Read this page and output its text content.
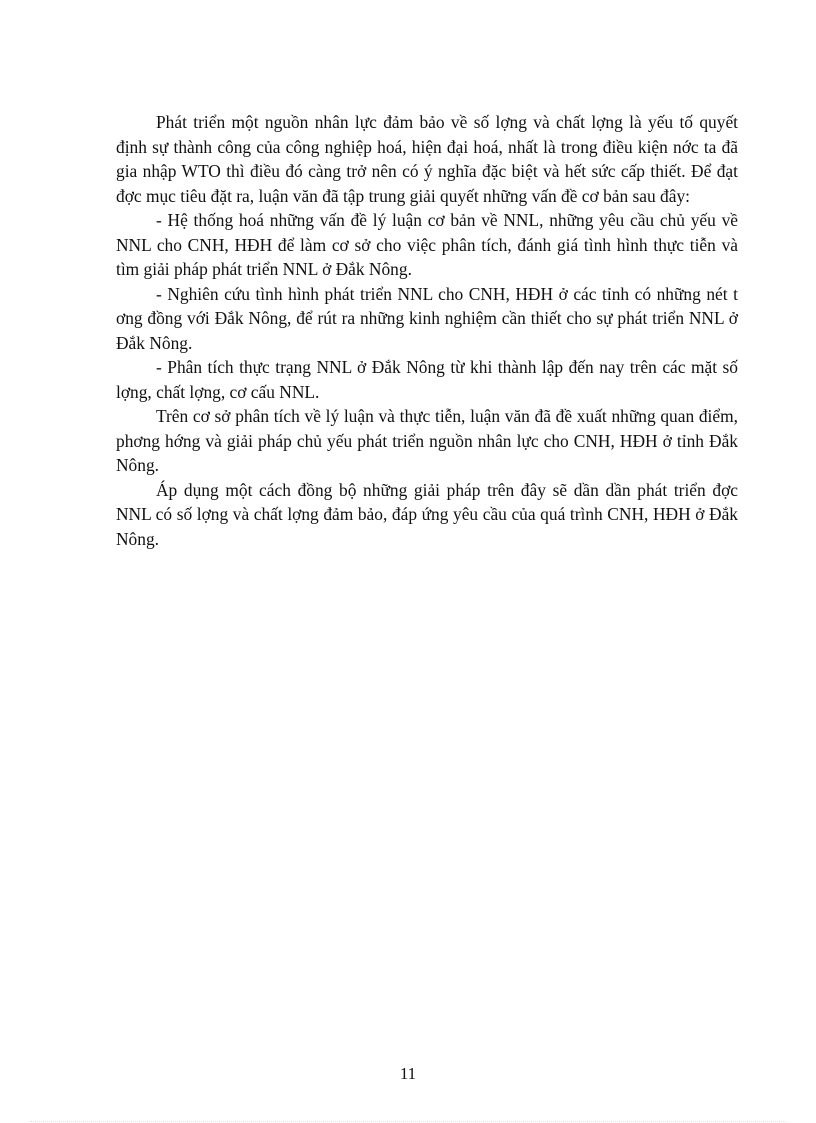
Phát triển một nguồn nhân lực đảm bảo về số lợng và chất lợng là yếu tố quyết định sự thành công của công nghiệp hoá, hiện đại hoá, nhất là trong điều kiện nớc ta đã gia nhập WTO thì điều đó càng trở nên có ý nghĩa đặc biệt và hết sức cấp thiết. Để đạt đợc mục tiêu đặt ra, luận văn đã tập trung giải quyết những vấn đề cơ bản sau đây:

- Hệ thống hoá những vấn đề lý luận cơ bản về NNL, những yêu cầu chủ yếu về NNL cho CNH, HĐH để làm cơ sở cho việc phân tích, đánh giá tình hình thực tiễn và tìm giải pháp phát triển NNL ở Đắk Nông.

- Nghiên cứu tình hình phát triển NNL cho CNH, HĐH ở các tỉnh có những nét t ơng đồng với Đắk Nông, để rút ra những kinh nghiệm cần thiết cho sự phát triển NNL ở Đắk Nông.

- Phân tích thực trạng NNL ở Đắk Nông từ khi thành lập đến nay trên các mặt số lợng, chất lợng, cơ cấu NNL.

Trên cơ sở phân tích về lý luận và thực tiễn, luận văn đã đề xuất những quan điểm, phơng hớng và giải pháp chủ yếu phát triển nguồn nhân lực cho CNH, HĐH ở tỉnh Đắk Nông.

Áp dụng một cách đồng bộ những giải pháp trên đây sẽ dần dần phát triển đợc NNL có số lợng và chất lợng đảm bảo, đáp ứng yêu cầu của quá trình CNH, HĐH ở Đắk Nông.

11
